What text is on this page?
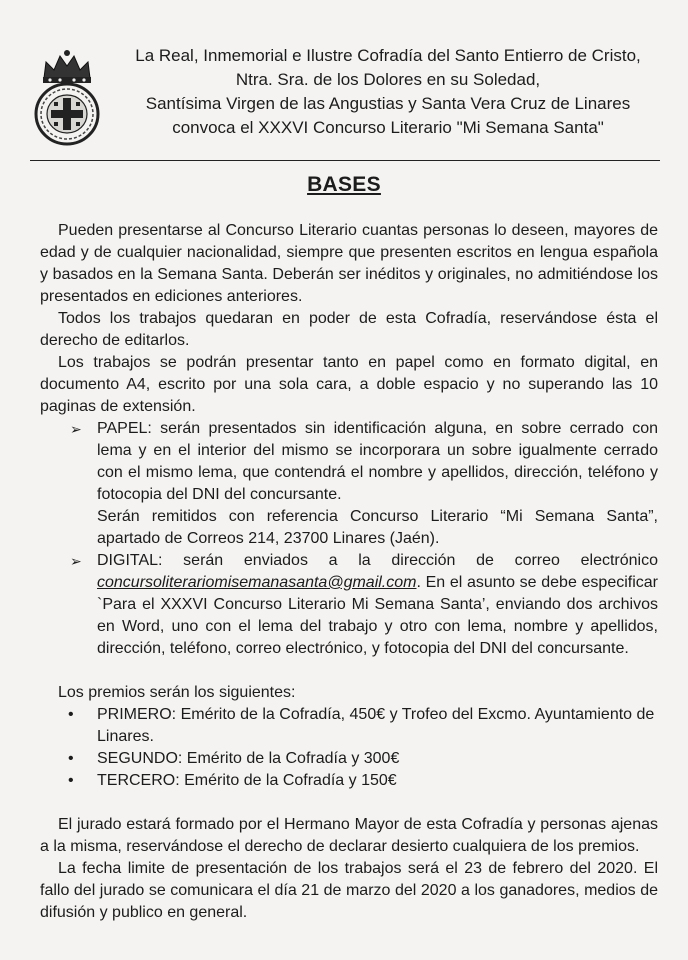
La Real, Inmemorial e Ilustre Cofradía del Santo Entierro de Cristo,
Ntra. Sra. de los Dolores en su Soledad,
Santísima Virgen de las Angustias y Santa Vera Cruz de Linares
convoca el XXXVI Concurso Literario "Mi Semana Santa"
BASES
Pueden presentarse al Concurso Literario cuantas personas lo deseen, mayores de edad y de cualquier nacionalidad, siempre que presenten escritos en lengua española y basados en la Semana Santa. Deberán ser inéditos y originales, no admitiéndose los presentados en ediciones anteriores.
Todos los trabajos quedaran en poder de esta Cofradía, reservándose ésta el derecho de editarlos.
Los trabajos se podrán presentar tanto en papel como en formato digital, en documento A4, escrito por una sola cara, a doble espacio y no superando las 10 paginas de extensión.
➢ PAPEL: serán presentados sin identificación alguna, en sobre cerrado con lema y en el interior del mismo se incorporara un sobre igualmente cerrado con el mismo lema, que contendrá el nombre y apellidos, dirección, teléfono y fotocopia del DNI del concursante.
Serán remitidos con referencia Concurso Literario “Mi Semana Santa”, apartado de Correos 214, 23700 Linares (Jaén).
➢ DIGITAL: serán enviados a la dirección de correo electrónico concursoliterariomisemanasanta@gmail.com. En el asunto se debe especificar `Para el XXXVI Concurso Literario Mi Semana Santa’, enviando dos archivos en Word, uno con el lema del trabajo y otro con lema, nombre y apellidos, dirección, teléfono, correo electrónico, y fotocopia del DNI del concursante.
Los premios serán los siguientes:
• PRIMERO: Emérito de la Cofradía, 450€ y Trofeo del Excmo. Ayuntamiento de Linares.
• SEGUNDO: Emérito de la Cofradía y 300€
• TERCERO: Emérito de la Cofradía y 150€
El jurado estará formado por el Hermano Mayor de esta Cofradía y personas ajenas a la misma, reservándose el derecho de declarar desierto cualquiera de los premios.
La fecha limite de presentación de los trabajos será el 23 de febrero del 2020. El fallo del jurado se comunicara el día 21 de marzo del 2020 a los ganadores, medios de difusión y publico en general.
